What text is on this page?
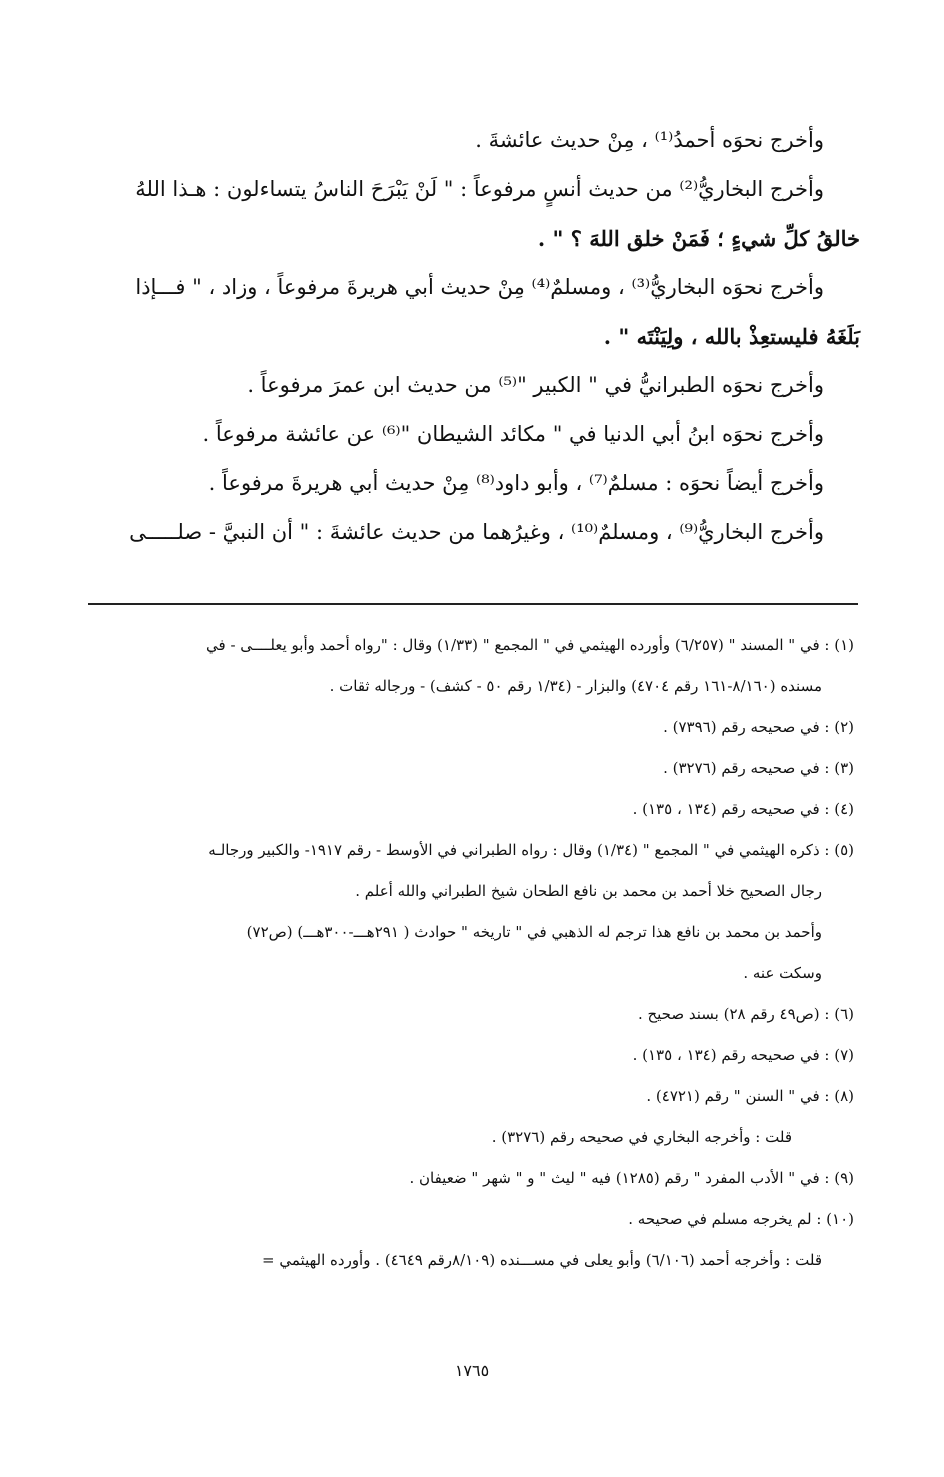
وأخرج نحوَه أحمدُ⁽¹⁾ ، مِنْ حديث عائشةَ .

وأخرج البخاريُّ⁽²⁾ من حديث أنسٍ مرفوعاً : " لَنْ يَبْرَحَ الناسُ يتساءلون : هـذا اللهُ

خالقُ كلِّ شيءٍ ؛ فَمَنْ خلق اللهَ ؟ " .

وأخرج نحوَه البخاريُّ⁽³⁾ ، ومسلمٌ⁽⁴⁾ مِنْ حديث أبي هريرةَ مرفوعاً ، وزاد ، " فـــإذا

بَلَغَهُ فليستعِذْ بالله ، ولِيَنْتَه " .

وأخرج نحوَه الطبرانيُّ في " الكبير "⁽⁵⁾ من حديث ابن عمرَ مرفوعاً .

وأخرج نحوَه ابنُ أبي الدنيا في " مكائد الشيطان "⁽⁶⁾ عن عائشة مرفوعاً .

وأخرج أيضاً نحوَه : مسلمٌ⁽⁷⁾ ، وأبو داود⁽⁸⁾ مِنْ حديث أبي هريرةَ مرفوعاً .

وأخرج البخاريُّ⁽⁹⁾ ، ومسلمٌ⁽¹⁰⁾ ، وغيرُهما من حديث عائشةَ : " أن النبيَّ - صلـــــى

(١) : في " المسند " (٦/٢٥٧) وأورده الهيثمي في " المجمع " (١/٣٣) وقال : "رواه أحمد وأبو يعلــــى - في

مسنده (٨/١٦٠-١٦١ رقم ٤٧٠٤) والبزار - (١/٣٤ رقم ٥٠ - كشف) - ورجاله ثقات .

(٢) : في صحيحه رقم (٧٣٩٦) .

(٣) : في صحيحه رقم (٣٢٧٦) .

(٤) : في صحيحه رقم (١٣٤ ، ١٣٥) .

(٥) : ذكره الهيثمي في " المجمع " (١/٣٤) وقال : رواه الطبراني في الأوسط - رقم ١٩١٧- والكبير ورجالـه

رجال الصحيح خلا أحمد بن محمد بن نافع الطحان شيخ الطبراني والله أعلم .

وأحمد بن محمد بن نافع هذا ترجم له الذهبي في " تاريخه " حوادث ( ٢٩١هـــ-٣٠٠هـــ) (ص٧٢)

وسكت عنه .

(٦) : (ص٤٩ رقم ٢٨) بسند صحيح .

(٧) : في صحيحه رقم (١٣٤ ، ١٣٥) .

(٨) : في " السنن " رقم (٤٧٢١) .

قلت : وأخرجه البخاري في صحيحه رقم (٣٢٧٦) .

(٩) : في " الأدب المفرد " رقم (١٢٨٥) فيه " ليث " و " شهر " ضعيفان .

(١٠) : لم يخرجه مسلم في صحيحه .

قلت : وأخرجه أحمد (٦/١٠٦) وأبو يعلى في مســـنده (٨/١٠٩رقم ٤٦٤٩) . وأورده الهيثمي =

١٧٦٥
